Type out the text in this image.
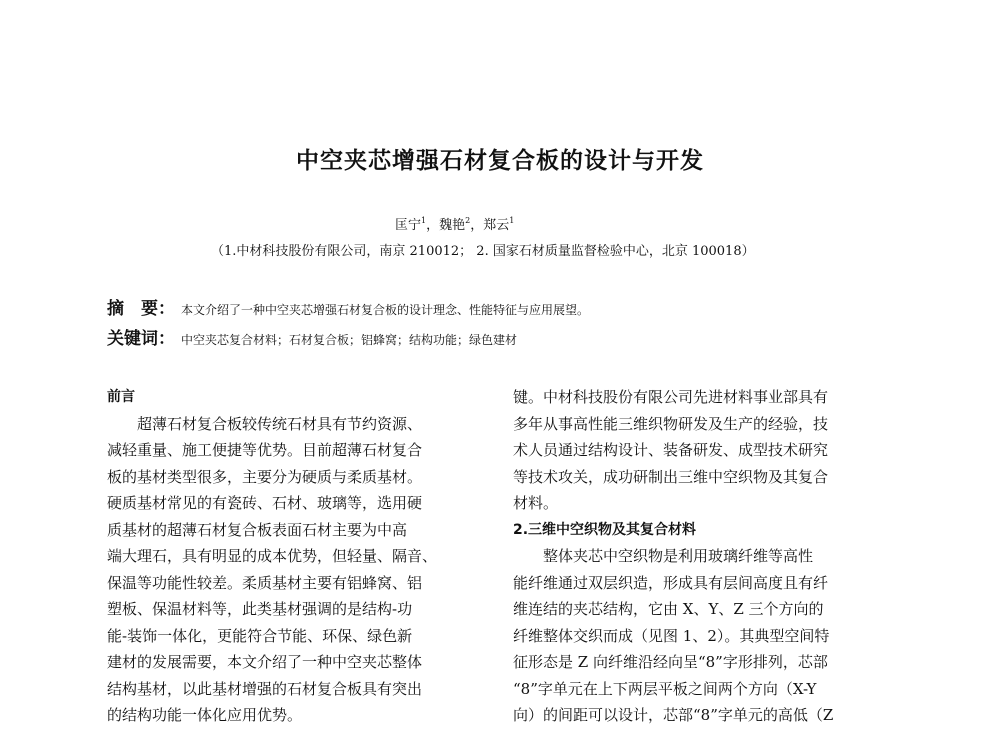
中空夹芯增强石材复合板的设计与开发
匡宁$^1$，魏艳$^2$，郑云$^1$
（1.中材科技股份有限公司，南京 210012； 2. 国家石材质量监督检验中心，北京 100018）
摘　要： 本文介绍了一种中空夹芯增强石材复合板的设计理念、性能特征与应用展望。
关键词： 中空夹芯复合材料；石材复合板；铝蜂窝；结构功能；绿色建材

前言

超薄石材复合板较传统石材具有节约资源、
减轻重量、施工便捷等优势。目前超薄石材复合
板的基材类型很多，主要分为硬质与柔质基材。
硬质基材常见的有瓷砖、石材、玻璃等，选用硬
质基材的超薄石材复合板表面石材主要为中高
端大理石，具有明显的成本优势，但轻量、隔音、
保温等功能性较差。柔质基材主要有铝蜂窝、铝
塑板、保温材料等，此类基材强调的是结构-功
能-装饰一体化，更能符合节能、环保、绿色新
建材的发展需要，本文介绍了一种中空夹芯整体
结构基材，以此基材增强的石材复合板具有突出
的结构功能一体化应用优势。
键。中材科技股份有限公司先进材料事业部具有
多年从事高性能三维织物研发及生产的经验，技
术人员通过结构设计、装备研发、成型技术研究
等技术攻关，成功研制出三维中空织物及其复合
材料。

2.三维中空织物及其复合材料

整体夹芯中空织物是利用玻璃纤维等高性
能纤维通过双层织造，形成具有层间高度且有纤
维连结的夹芯结构，它由 X、Y、Z 三个方向的
纤维整体交织而成（见图 1、2）。其典型空间特
征形态是 Z 向纤维沿经向呈“8”字形排列，芯部
“8”字单元在上下两层平板之间两个方向（X-Y
向）的间距可以设计，芯部“8”字单元的高低（Z
